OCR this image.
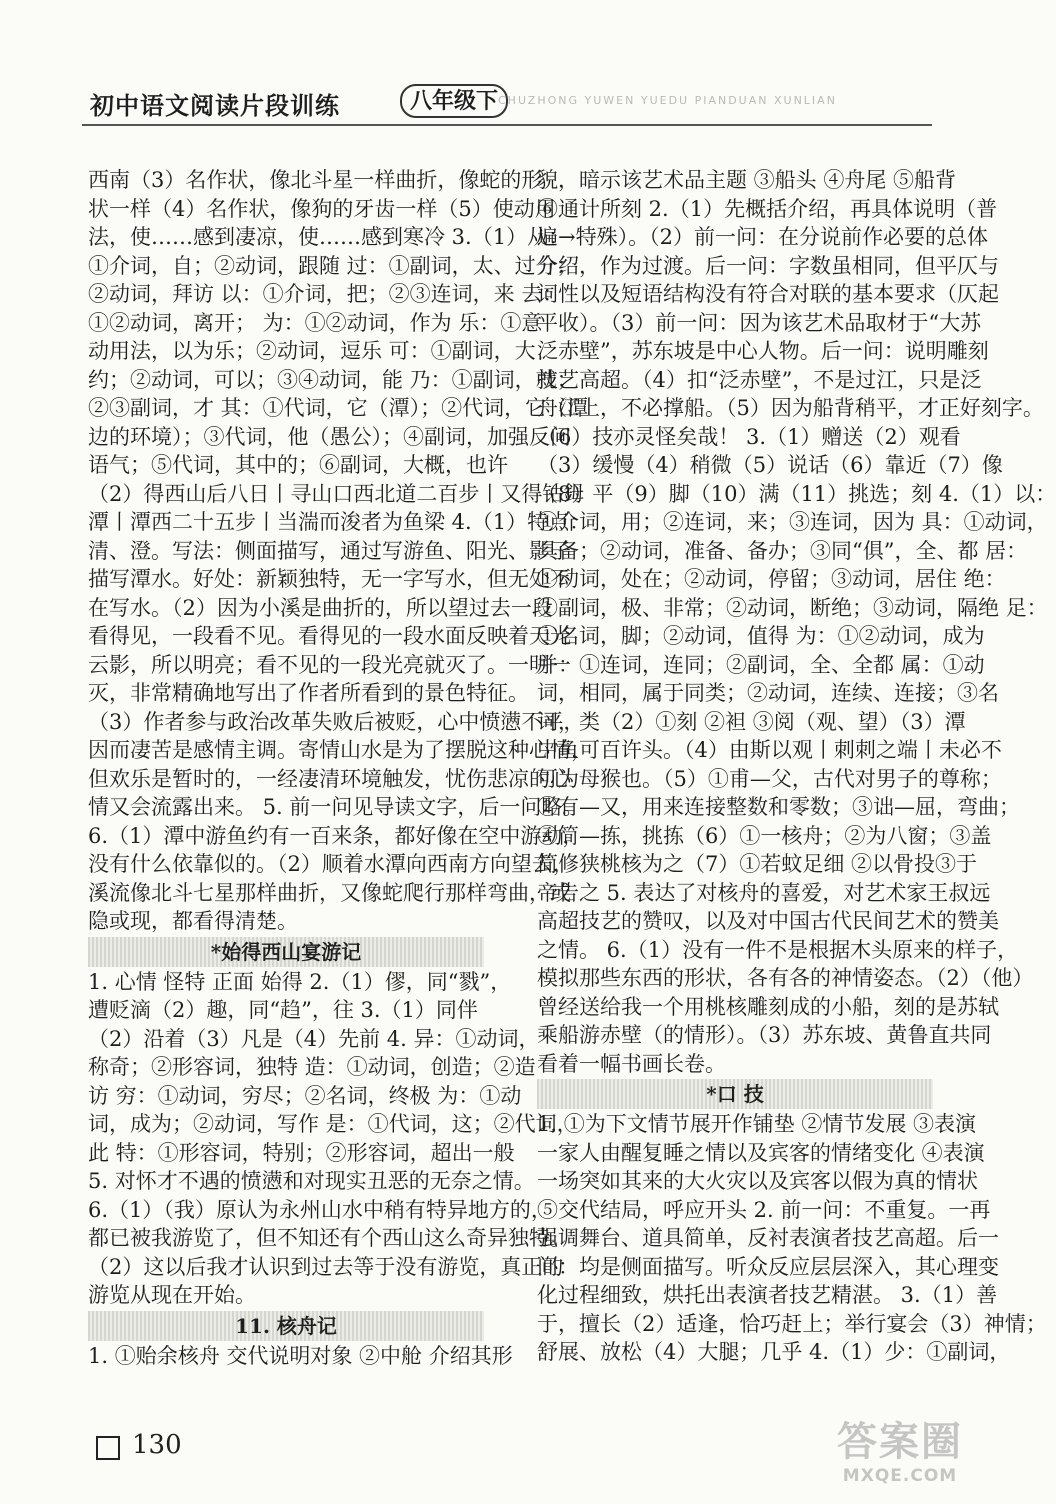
初中语文阅读片段训练	八年级下 CHUZHONG YUWEN YUEDU PIANDUAN XUNLIAN
西南（3）名作状，像北斗星一样曲折，像蛇的形
状一样（4）名作状，像狗的牙齿一样（5）使动用
法，使……感到凄凉，使……感到寒冷 3.（1）从：
①介词，自；②动词，跟随 过：①副词，太、过分；
②动词，拜访 以：①介词，把；②③连词，来 去：
①②动词，离开； 为：①②动词，作为 乐：①意
动用法，以为乐；②动词，逗乐 可：①副词，大
约；②动词，可以；③④动词，能 乃：①副词，就；
②③副词，才 其：①代词，它（潭）；②代词，它（潭
边的环境）；③代词，他（愚公）；④副词，加强反问
语气；⑤代词，其中的；⑥副词，大概，也许
（2）得西山后八日丨寻山口西北道二百步丨又得钴鉧
潭丨潭西二十五步丨当湍而浚者为鱼梁 4.（1）特点：
清、澄。写法：侧面描写，通过写游鱼、阳光、影子
描写潭水。好处：新颖独特，无一字写水，但无处不
在写水。（2）因为小溪是曲折的，所以望过去一段
看得见，一段看不见。看得见的一段水面反映着天光
云影，所以明亮；看不见的一段光亮就灭了。一明一
灭，非常精确地写出了作者所看到的景色特征。
（3）作者参与政治改革失败后被贬，心中愤懑不平，
因而凄苦是感情主调。寄情山水是为了摆脱这种心情，
但欢乐是暂时的，一经凄清环境触发，忧伤悲凉的心
情又会流露出来。 5. 前一问见导读文字，后一问略。
6.（1）潭中游鱼约有一百来条，都好像在空中游动，
没有什么依靠似的。（2）顺着水潭向西南方向望去，
溪流像北斗七星那样曲折，又像蛇爬行那样弯曲，或
隐或现，都看得清楚。
*始得西山宴游记
1. 心情 怪特 正面 始得 2.（1）僇，同“戮”，
遭贬滴（2）趣，同“趋”，往 3.（1）同伴
（2）沿着（3）凡是（4）先前 4. 异：①动词，
称奇；②形容词，独特 造：①动词，创造；②造
访 穷：①动词，穷尽；②名词，终极 为：①动
词，成为；②动词，写作 是：①代词，这；②代词，
此 特：①形容词，特别；②形容词，超出一般
5. 对怀才不遇的愤懑和对现实丑恶的无奈之情。
6.（1）（我）原认为永州山水中稍有特异地方的，
都已被我游览了，但不知还有个西山这么奇异独特。
（2）这以后我才认识到过去等于没有游览，真正的
游览从现在开始。
11. 核舟记
1. ①贻余核舟 交代说明对象 ②中舱 介绍其形
貌，暗示该艺术品主题 ③船头 ④舟尾 ⑤船背
⑥通计所刻 2.（1）先概括介绍，再具体说明（普
遍→特殊）。（2）前一问：在分说前作必要的总体
介绍，作为过渡。后一问：字数虽相同，但平仄与
词性以及短语结构没有符合对联的基本要求（仄起
平收）。（3）前一问：因为该艺术品取材于“大苏
泛赤壁”，苏东坡是中心人物。后一问：说明雕刻
技艺高超。（4）扣“泛赤壁”，不是过江，只是泛
舟江上，不必撑船。（5）因为船背稍平，才正好刻字。
（6）技亦灵怪矣哉！ 3.（1）赠送（2）观看
（3）缓慢（4）稍微（5）说话（6）靠近（7）像
（8）平（9）脚（10）满（11）挑选；刻 4.（1）以：
①介词，用；②连词，来；③连词，因为 具：①动词，
具备；②动词，准备、备办；③同“俱”，全、都 居：
①动词，处在；②动词，停留；③动词，居住 绝：
①副词，极、非常；②动词，断绝；③动词，隔绝 足：
①名词，脚；②动词，值得 为：①②动词，成为
并：①连词，连同；②副词，全、全都 属：①动
词，相同，属于同类；②动词，连续、连接；③名
词，类（2）①刻 ②袒 ③阅（观、望）（3）潭
中鱼可百许头。（4）由斯以观丨刺刺之端丨未必不
可为母猴也。（5）①甫—父，古代对男子的尊称；
②有—又，用来连接整数和零数；③诎—屈，弯曲；
④简—拣，挑拣（6）①一核舟；②为八窗；③盖
简修狭桃核为之（7）①若蚊足细 ②以骨投③于
帝告之 5. 表达了对核舟的喜爱，对艺术家王叔远
高超技艺的赞叹，以及对中国古代民间艺术的赞美
之情。 6.（1）没有一件不是根据木头原来的样子，
模拟那些东西的形状，各有各的神情姿态。（2）（他）
曾经送给我一个用桃核雕刻成的小船，刻的是苏轼
乘船游赤壁（的情形）。（3）苏东坡、黄鲁直共同
看着一幅书画长卷。
*口 技
1. ①为下文情节展开作铺垫 ②情节发展 ③表演
一家人由醒复睡之情以及宾客的情绪变化 ④表演
一场突如其来的大火灾以及宾客以假为真的情状
⑤交代结局，呼应开头 2. 前一问：不重复。一再
强调舞台、道具简单，反衬表演者技艺高超。后一
问：均是侧面描写。听众反应层层深入，其心理变
化过程细致，烘托出表演者技艺精湛。 3.（1）善
于，擅长（2）适逢，恰巧赶上；举行宴会（3）神情；
舒展、放松（4）大腿；几乎 4.（1）少：①副词，
130	答案圈
MXQE.COM
